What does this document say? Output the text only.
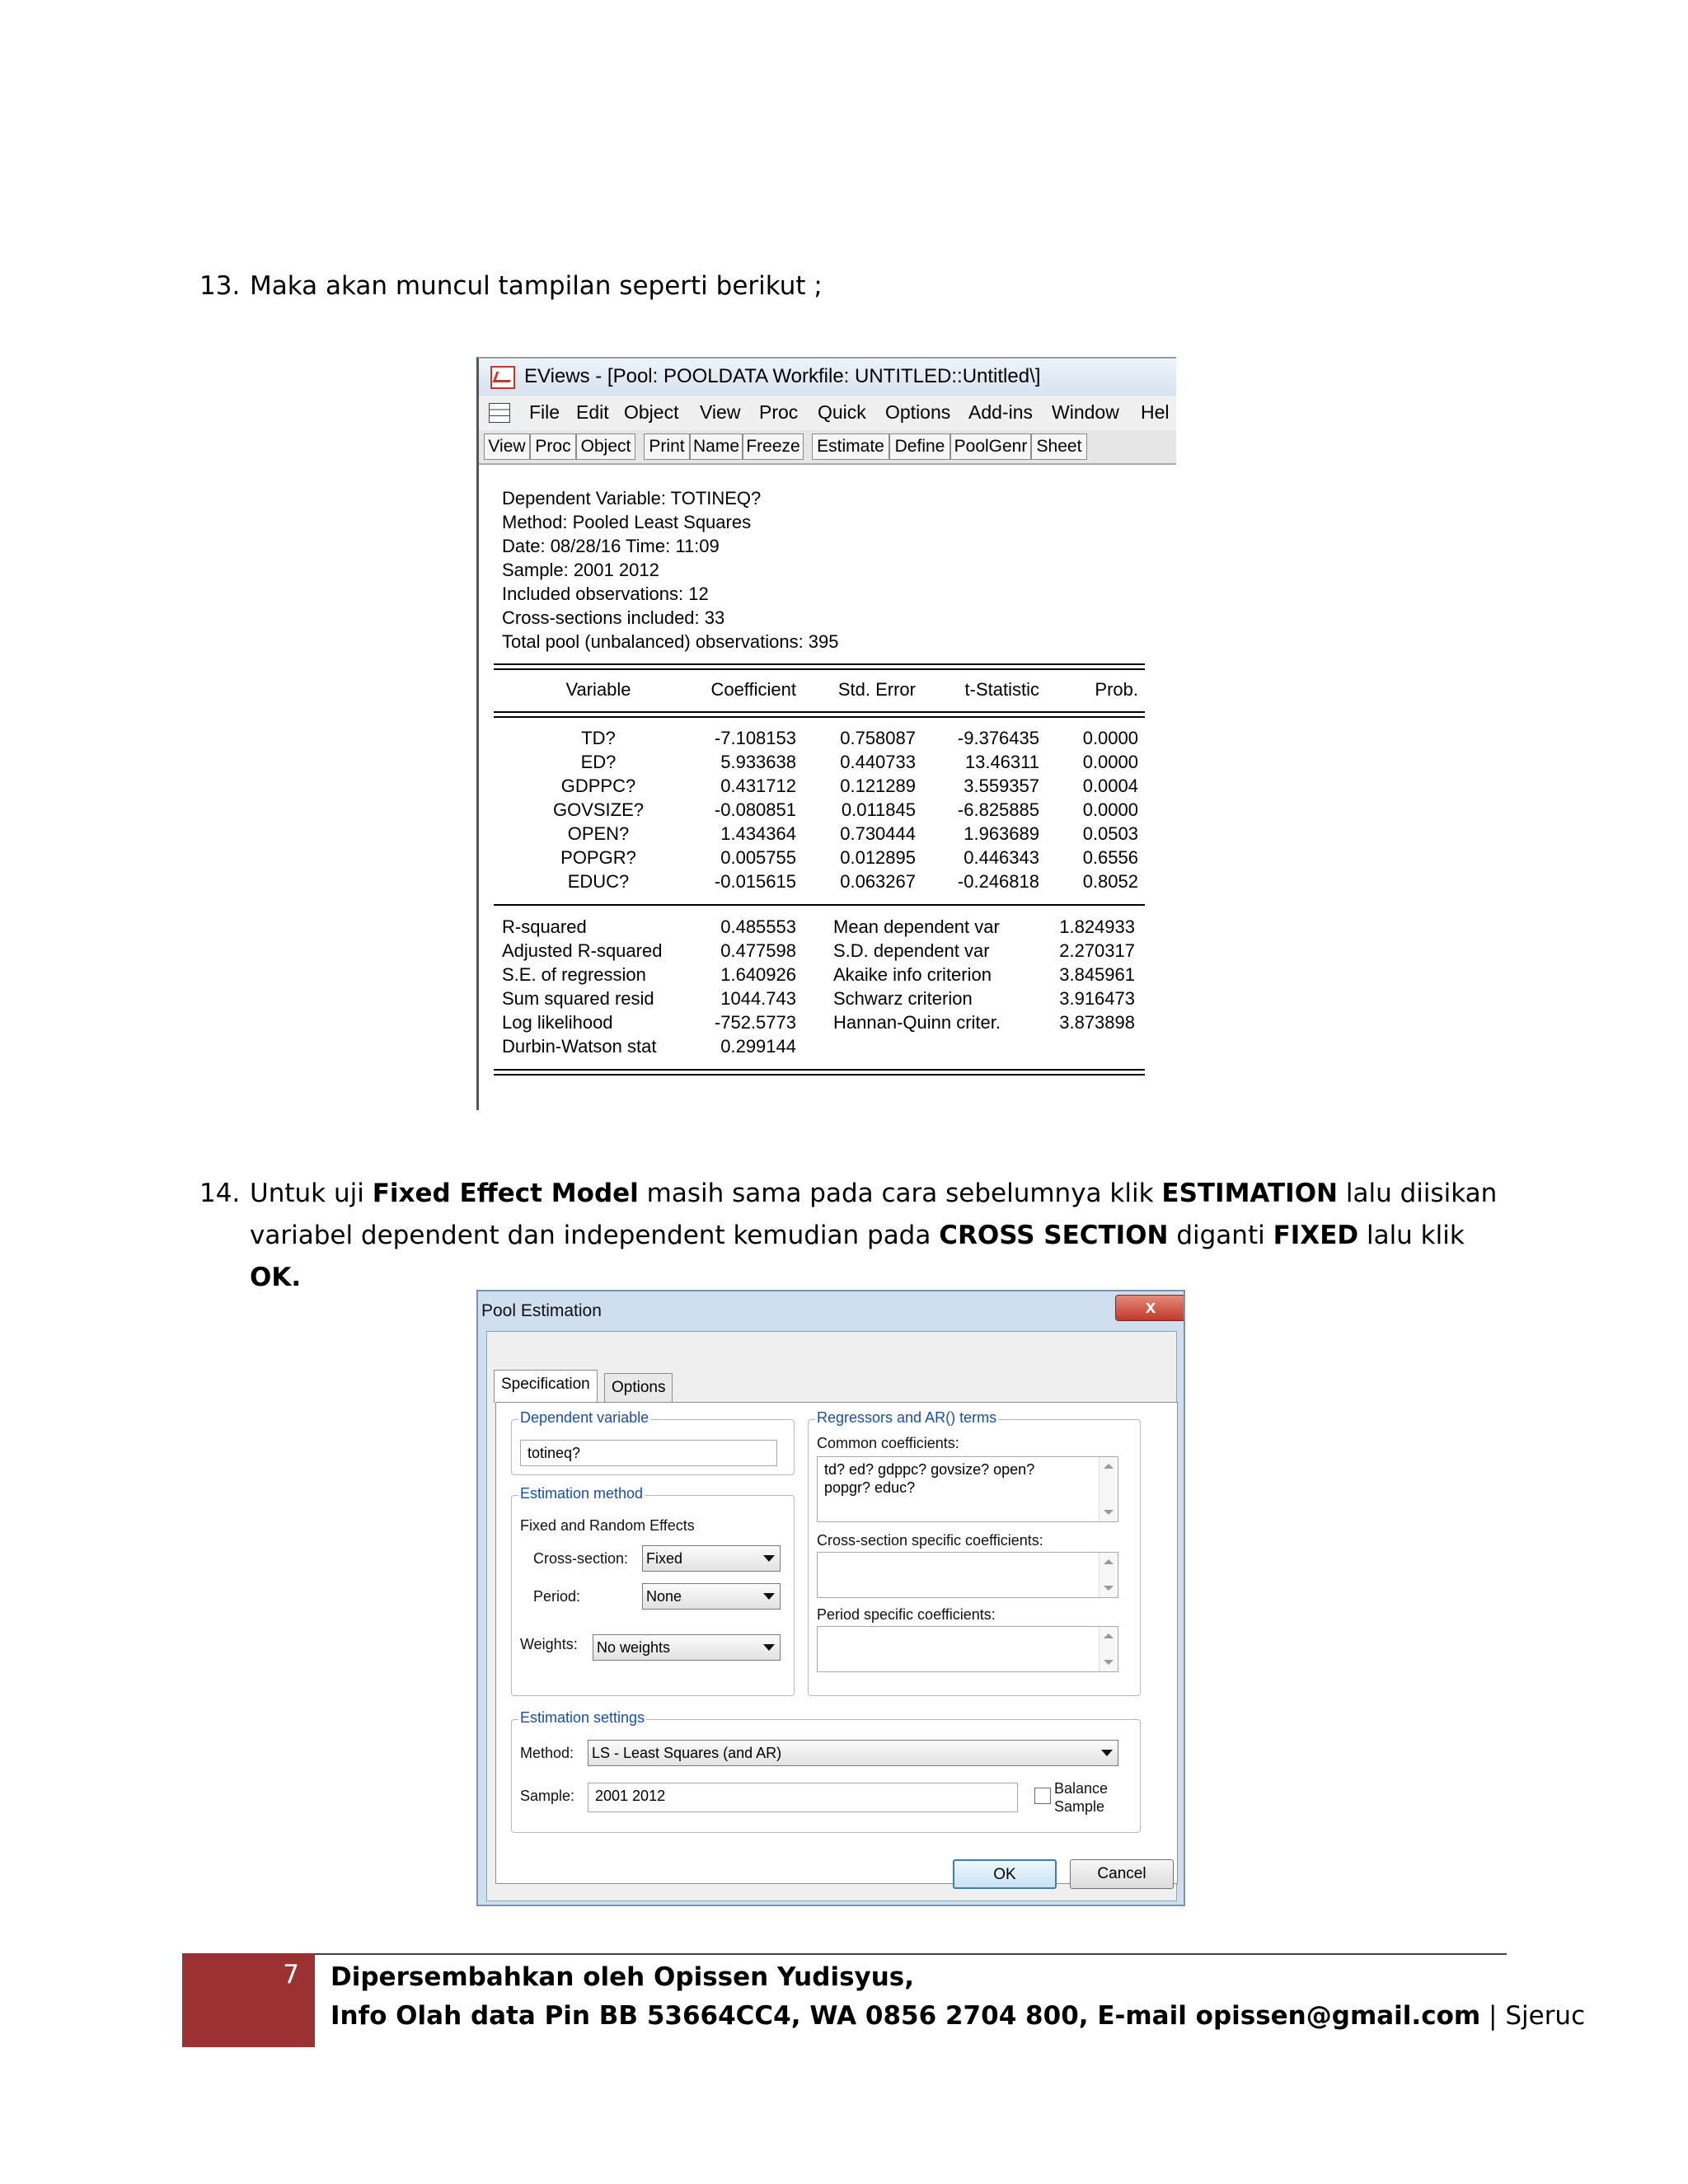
13. Maka akan muncul tampilan seperti berikut ;
EViews - [Pool: POOLDATA Workfile: UNTITLED::Untitled\]
File Edit Object View Proc Quick Options Add-ins Window Hel
View Proc Object	Print Name Freeze Estimate Define PoolGenr Sheet
Dependent Variable: TOTINEQ?
Method: Pooled Least Squares
Date: 08/28/16 Time: 11:09
Sample: 2001 2012
Included observations: 12
Cross-sections included: 33
Total pool (unbalanced) observations: 395
Variable	Coefficient	Std. Error	t-Statistic	Prob.
TD?	-7.108153	0.758087	-9.376435	0.0000
ED?	5.933638	0.440733	13.46311	0.0000
GDPPC?	0.431712	0.121289	3.559357	0.0004
GOVSIZE?	-0.080851	0.011845	-6.825885	0.0000
OPEN?	1.434364	0.730444	1.963689	0.0503
POPGR?	0.005755	0.012895	0.446343	0.6556
EDUC?	-0.015615	0.063267	-0.246818	0.8052
R-squared	0.485553 Mean dependent var	1.824933
Adjusted R-squared	0.477598 S.D. dependent var	2.270317
S.E. of regression	1.640926 Akaike info criterion	3.845961
Sum squared resid	1044.743 Schwarz criterion	3.916473
Log likelihood	-752.5773 Hannan-Quinn criter.	3.873898
Durbin-Watson stat	0.299144
14. Untuk uji Fixed Effect Model masih sama pada cara sebelumnya klik ESTIMATION lalu diisikan
variabel dependent dan independent kemudian pada CROSS SECTION diganti FIXED lalu klik OK.
Pool Estimation	x
Specification	Options
Dependent variable
totineq?
Estimation method
Fixed and Random Effects
Cross-section: Fixed
Period:	None
Weights: No weights
Regressors and AR() terms
Common coefficients:
td? ed? gdppc? govsize? open?
popgr? educ?
Cross-section specific coefficients:
Period specific coefficients:
Estimation settings
Method: LS - Least Squares (and AR)
Sample:	2001 2012	Balance
Sample
OK	Cancel
7 Dipersembahkan oleh Opissen Yudisyus,
Info Olah data Pin BB 53664CC4, WA 0856 2704 800, E-mail opissen@gmail.com | Sjeruc
